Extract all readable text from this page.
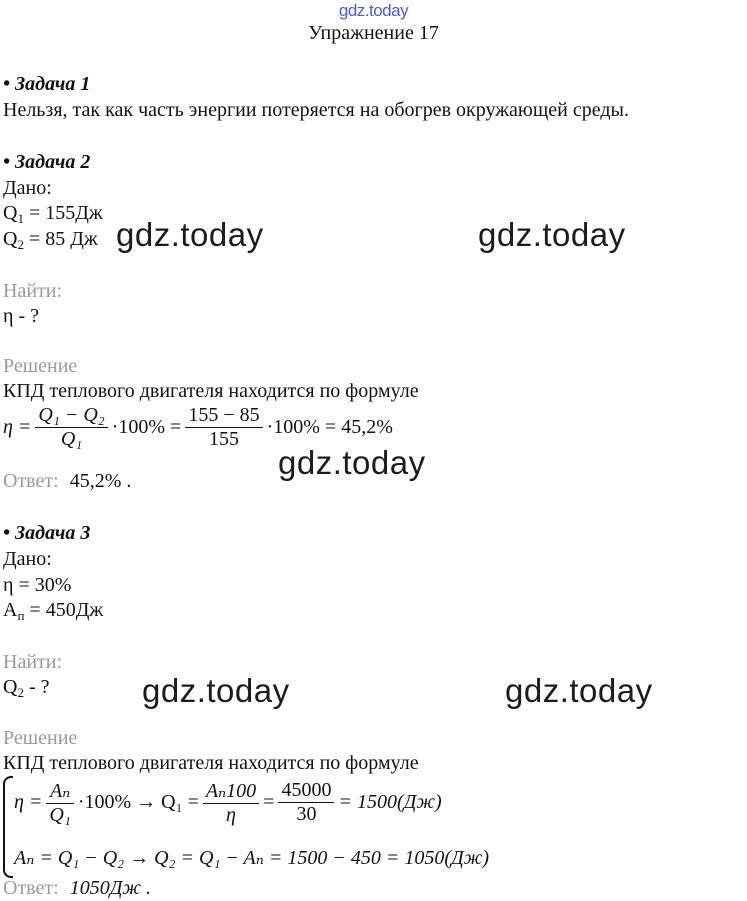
gdz.today
Упражнение 17
• Задача 1
Нельзя, так как часть энергии потеряется на обогрев окружающей среды.
• Задача 2
Дано:
$Q_1 = 155Дж$
$Q_2 = 85$ Дж gdz.today	gdz.today
Найти:
η - ?
Решение
КПД теплового двигателя находится по формуле
$\eta = \frac{\text{Q₁ − Q₂}}{\text{Q₁}} \cdot 100\% = \frac{155 - 85}{155} \cdot 100\% = 45,2\%$
gdz.today
Ответ: 45,2% .
• Задача 3
Дано:
η = 30%
$А_п = 450Дж$
Найти:
$Q_2$ - ?	gdz.today	gdz.today
Решение
КПД теплового двигателя находится по формуле
$\eta = \frac{\text{Aₙ}}{\text{Q₁}} \cdot 100\% \to Q_1 = \frac{\text{Aₙ100}}{\eta} = \frac{45000}{30} = 1500(Дж)$
Aₙ = Q₁ − Q₂ → Q₂ = Q₁ − Aₙ = 1500 − 450 = 1050(Дж)
Ответ: 1050Дж .
